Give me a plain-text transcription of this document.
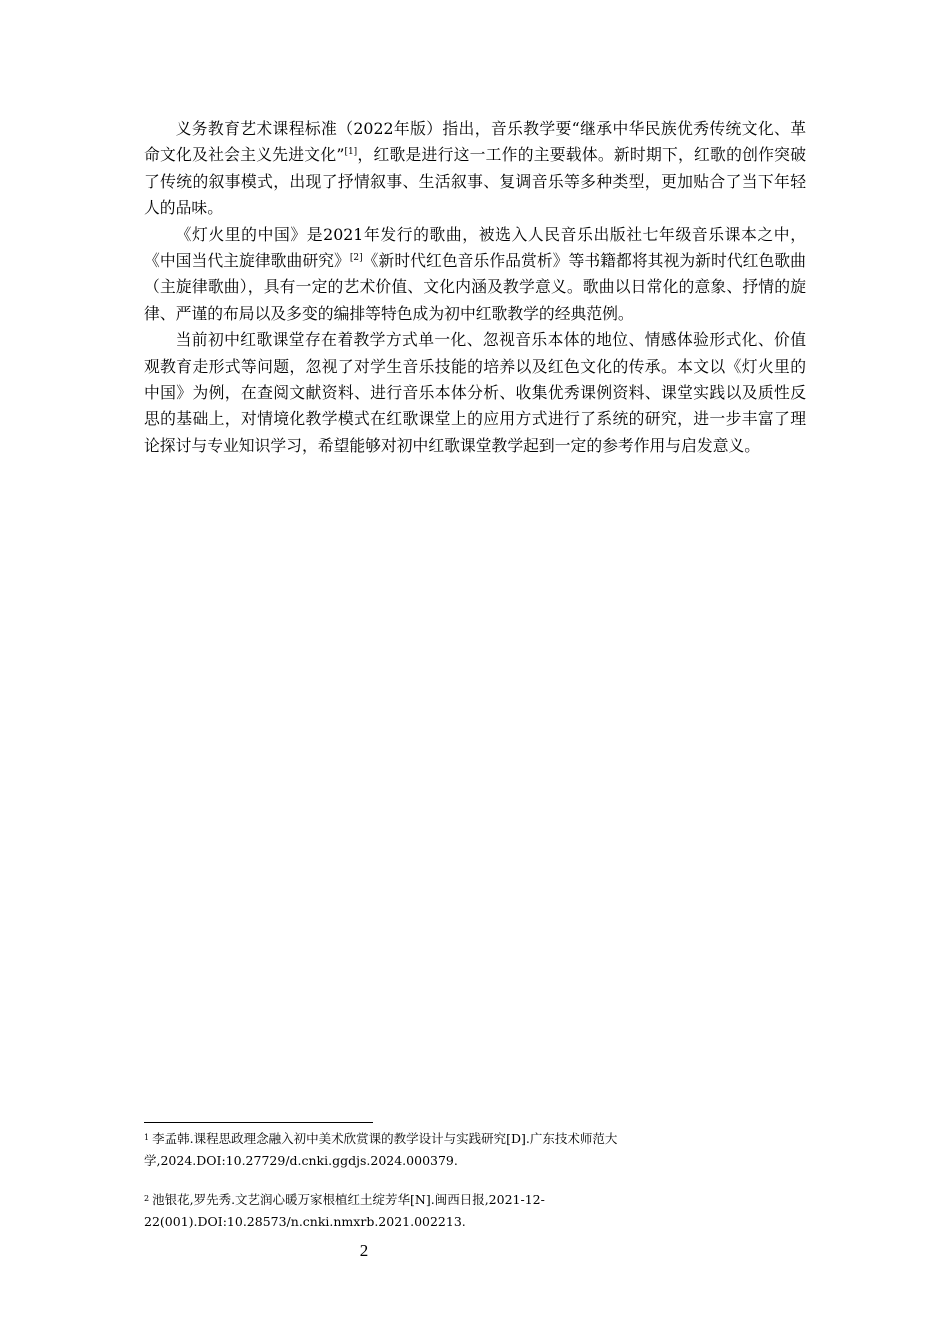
义务教育艺术课程标准（2022年版）指出，音乐教学要“继承中华民族优秀传统文化、革命文化及社会主义先进文化”[1]，红歌是进行这一工作的主要载体。新时期下，红歌的创作突破了传统的叙事模式，出现了抒情叙事、生活叙事、复调音乐等多种类型，更加贴合了当下年轻人的品味。

《灯火里的中国》是2021年发行的歌曲，被选入人民音乐出版社七年级音乐课本之中，《中国当代主旋律歌曲研究》[2]《新时代红色音乐作品赏析》等书籍都将其视为新时代红色歌曲（主旋律歌曲），具有一定的艺术价值、文化内涵及教学意义。歌曲以日常化的意象、抒情的旋律、严谨的布局以及多变的编排等特色成为初中红歌教学的经典范例。

当前初中红歌课堂存在着教学方式单一化、忽视音乐本体的地位、情感体验形式化、价值观教育走形式等问题，忽视了对学生音乐技能的培养以及红色文化的传承。本文以《灯火里的中国》为例，在查阅文献资料、进行音乐本体分析、收集优秀课例资料、课堂实践以及质性反思的基础上，对情境化教学模式在红歌课堂上的应用方式进行了系统的研究，进一步丰富了理论探讨与专业知识学习，希望能够对初中红歌课堂教学起到一定的参考作用与启发意义。

$^1$ 李孟韩.课程思政理念融入初中美术欣赏课的教学设计与实践研究[D].广东技术师范大学,2024.DOI:10.27729/d.cnki.ggdjs.2024.000379.
$^2$ 池银花,罗先秀.文艺润心暖万家根植红土绽芳华[N].闽西日报,2021-12-22(001).DOI:10.28573/n.cnki.nmxrb.2021.002213.
2
